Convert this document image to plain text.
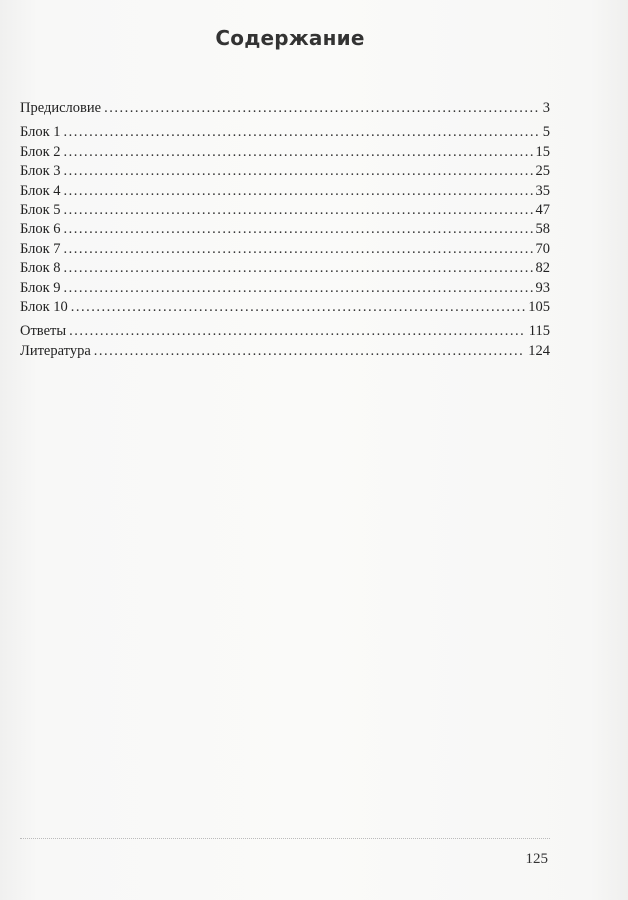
Содержание
Предисловие .....	3
Блок 1 .....	5
Блок 2 .....	15
Блок 3 .....	25
Блок 4 .....	35
Блок 5 .....	47
Блок 6 .....	58
Блок 7 .....	70
Блок 8 .....	82
Блок 9 .....	93
Блок 10 .....	105
Ответы .....	115
Литература .....	124
125
